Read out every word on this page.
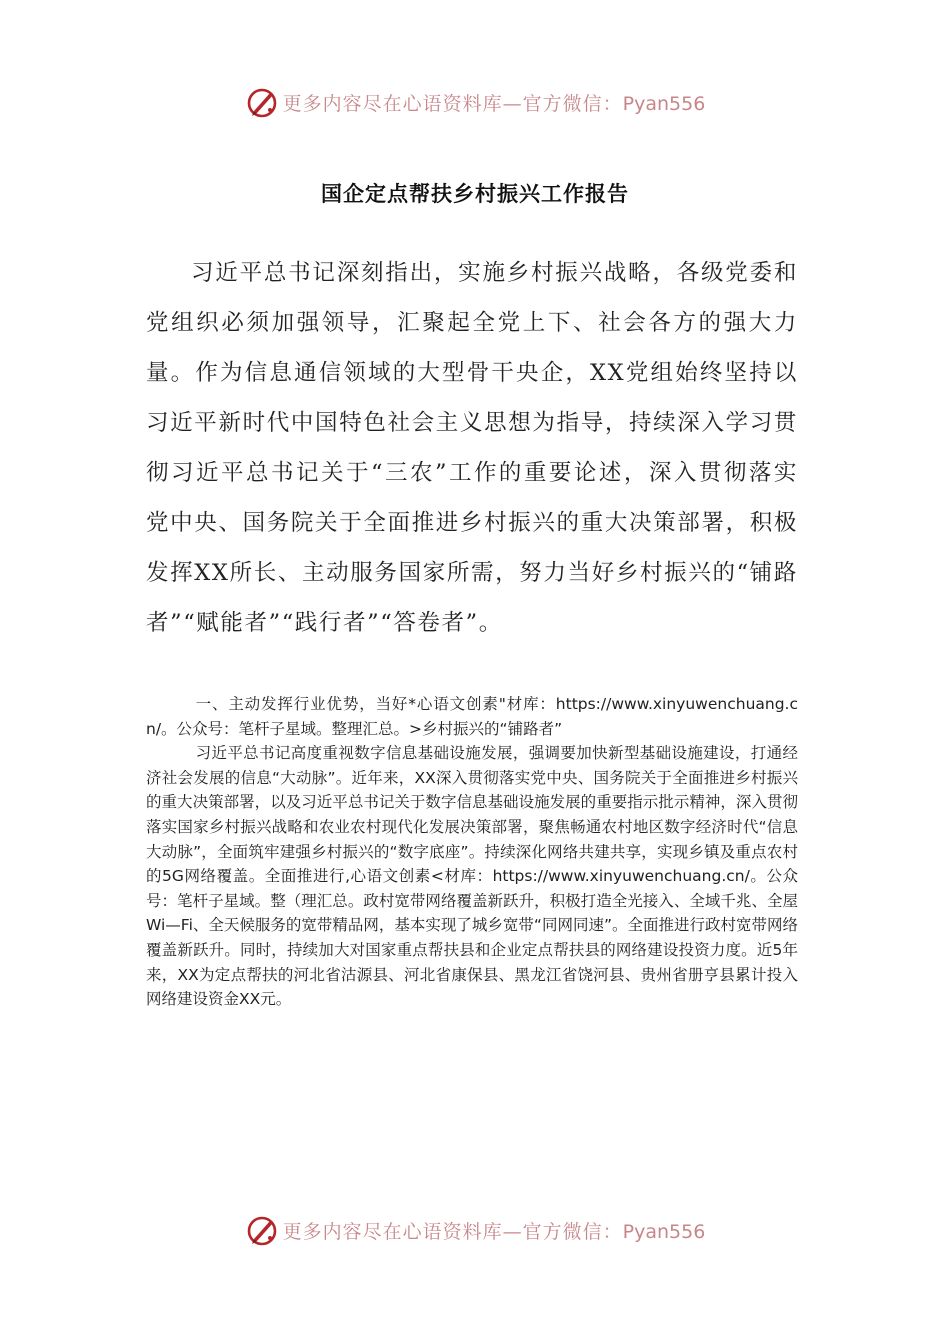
更多内容尽在心语资料库—官方微信：Pyan556
国企定点帮扶乡村振兴工作报告

习近平总书记深刻指出，实施乡村振兴战略，各级党委和党组织必须加强领导，汇聚起全党上下、社会各方的强大力量。作为信息通信领域的大型骨干央企，XX党组始终坚持以习近平新时代中国特色社会主义思想为指导，持续深入学习贯彻习近平总书记关于“三农”工作的重要论述，深入贯彻落实党中央、国务院关于全面推进乡村振兴的重大决策部署，积极发挥XX所长、主动服务国家所需，努力当好乡村振兴的“铺路者”“赋能者”“践行者”“答卷者”。

一、主动发挥行业优势，当好*心语文创素"材库：https://www.xinyuwenchuang.cn/。公众号：笔杆子星域。整理汇总。>乡村振兴的“铺路者”

习近平总书记高度重视数字信息基础设施发展，强调要加快新型基础设施建设，打通经济社会发展的信息“大动脉”。近年来，XX深入贯彻落实党中央、国务院关于全面推进乡村振兴的重大决策部署，以及习近平总书记关于数字信息基础设施发展的重要指示批示精神，深入贯彻落实国家乡村振兴战略和农业农村现代化发展决策部署，聚焦畅通农村地区数字经济时代“信息大动脉”，全面筑牢建强乡村振兴的“数字底座”。持续深化网络共建共享，实现乡镇及重点农村的5G网络覆盖。全面推进行,心语文创素<材库：https://www.xinyuwenchuang.cn/。公众号：笔杆子星域。整（理汇总。政村宽带网络覆盖新跃升，积极打造全光接入、全域千兆、全屋Wi—Fi、全天候服务的宽带精品网，基本实现了城乡宽带“同网同速”。全面推进行政村宽带网络覆盖新跃升。同时，持续加大对国家重点帮扶县和企业定点帮扶县的网络建设投资力度。近5年来，XX为定点帮扶的河北省沽源县、河北省康保县、黑龙江省饶河县、贵州省册亨县累计投入网络建设资金XX元。

更多内容尽在心语资料库—官方微信：Pyan556
